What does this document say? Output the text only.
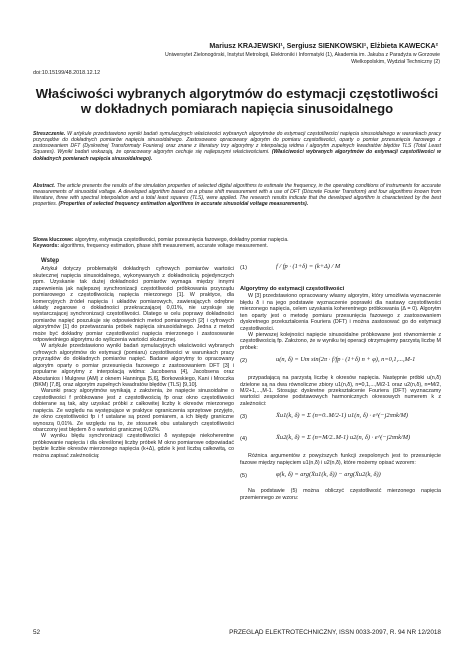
Mariusz KRAJEWSKI¹, Sergiusz SIENKOWSKI¹, Elżbieta KAWECKA²
Uniwersytet Zielonogórski, Instytut Metrologii, Elektroniki i Informatyki (1), Akademia im. Jakuba z Paradyża w Gorzowie
Wielkopolskim, Wydział Techniczny (2)
doi:10.15199/48.2018.12.12
Właściwości wybranych algorytmów do estymacji częstotliwości
w dokładnych pomiarach napięcia sinusoidalnego
Streszczenie. W artykule przedstawiono wyniki badań symulacyjnych właściwości wybranych algorytmów do estymacji częstotliwości napięcia sinusoidalnego w warunkach pracy przyrządów do dokładnych pomiarów napięcia sinusoidalnego. Zastosowano opracowany algorytm do pomiaru częstotliwości, oparty o pomiar przesunięcia fazowego z zastosowaniem DFT (Dyskretnej Transformaty Fouriera) oraz znane z literatury trzy algorytmy z interpolacją widma i algorytm zupełnych kwadratów błędów TLS (Total Least Squares). Wyniki badań wskazują, że opracowany algorytm cechuje się najlepszymi właściwościami. (Właściwości wybranych algorytmów do estymacji częstotliwości w dokładnych pomiarach napięcia sinusoidalnego).
Abstract. The article presents the results of the simulation properties of selected digital algorithms to estimate the frequency, in the operating conditions of instruments for accurate measurements of sinusoidal voltage. A developed algorithm based on a phase shift measurement with a use of DFT (Discrete Fourier Transform) and four algorithms known from literature, three with spectral interpolation and a total least squares (TLS), were applied. The research results indicate that the developed algorithm is characterized by the best properties. (Properties of selected frequency estimation algorithms in accurate sinusoidal voltage measurements).
Słowa kluczowe: algorytmy, estymacja częstotliwości, pomiar przesunięcia fazowego, dokładny pomiar napięcia.
Keywords: algorithms, frequency estimation, phase shift measurement, accurate voltage measurement.
Wstęp

Artykuł dotyczy problematyki dokładnych cyfrowych pomiarów wartości skutecznej napięcia sinusoidalnego, wykonywanych z dokładnością pojedynczych ppm. Uzyskanie tak dużej dokładności pomiarów wymaga między innymi zapewnienia jak najlepszej synchronizacji częstotliwości próbkowania przyrządu pomiarowego z częstotliwością napięcia mierzonego [1]. W praktyce, dla komercyjnych źródeł napięcia i układów pomiarowych, zawierających odrębne układy zegarowe o dokładności przekraczającej 0,01%, nie uzyskuje się wystarczającej synchronizacji częstotliwości. Dlatego w celu poprawy dokładności pomiarów napięć poszukuje się odpowiednich metod pomiarowych [2] i cyfrowych algorytmów [1] do przetwarzania próbek napięcia sinusoidalnego. Jedna z metod może być dokładny pomiar częstotliwości napięcia mierzonego i zastosowanie odpowiedniego algorytmu do wyliczenia wartości skutecznej.

W artykule przedstawiono wyniki badań symulacyjnych właściwości wybranych cyfrowych algorytmów do estymacji (pomiaru) częstotliwości w warunkach pracy przyrządów do dokładnych pomiarów napięć. Badane algorytmy to opracowany algorytm oparty o pomiar przesunięcia fazowego z zastosowaniem DFT [3] i popularne algorytmy z interpolacją widma: Jacobsena [4], Jacobsena oraz Aboutanios i Mulgrew (AM) z oknem Hanninga [5,6], Borkowskiego, Kani i Mroczka (BKM) [7,8], oraz algorytm zupełnych kwadratów błędów (TLS) [9,10].

Warunki pracy algorytmów wynikają z założenia, że napięcie sinusoidalne o częstotliwości f próbkowane jest z częstotliwością fp oraz okno częstotliwości dobierane są tak, aby uzyskać próbki z całkowitej liczby k okresów mierzonego napięcia. Ze względu na występujące w praktyce ograniczenia sprzętowe przyjęto, że okno częstotliwości fp i f ustalane są przed pomiarem, a ich błędy graniczne wynoszą 0,01%. Ze względu na to, że stosunek obu ustalanych częstotliwości obarczony jest błędem δ o wartości granicznej 0,02%.

W wyniku błędu synchronizacji częstotliwości δ występuje niekoherentne próbkowanie napięcia i dla określonej liczby próbek M okno pomiarowe odpowiadać będzie liczbie okresów mierzonego napięcia (k+Δ), gdzie k jest liczbą całkowitą, co można zapisać zależnością:

(1)	f / fp · (1+δ) = (k+Δ) / M
Algorytmy do estymacji częstotliwości

W [3] przedstawiono opracowany własny algorytm, który umożliwia wyznaczenie błędu δ i na jego podstawie wyznaczenie poprawki dla nastawy częstotliwości mierzonego napięcia, celem uzyskania koherentnego próbkowania (Δ = 0). Algorytm ten oparty jest o metodę pomiaru przesunięcia fazowego z zastosowaniem dyskretnego przekształcenia Fouriera (DFT) i można zastosować go do estymacji częstotliwości.

W pierwszej kolejności napięcie sinusoidalne próbkowane jest równomiernie z częstotliwością fp. Założono, że w wyniku tej operacji otrzymujemy parzystą liczbę M próbek:

(2)	u(n, δ) = Um sin(2π · f/fp · (1+δ) n + φ), n=0,1,...,M-1

przypadającą na parzystą liczbę k okresów napięcia. Następnie próbki u(n,δ) dzielone są na dwa równoliczne zbiory u1(n,δ), n=0,1,...,M/2-1 oraz u2(n,δ), n=M/2, M/2+1,...,M-1. Stosując dyskretne przekształcenie Fouriera (DFT) wyznaczamy wartości zespolone podstawowych harmonicznych okresowych numerem k z zależności:

(3)	X̄u1(k, δ) = Σ (n=0..M/2-1) u1(n, δ) · e^(−j2πnk/M)
(4)	X̄u2(k, δ) = Σ (n=M/2..M-1) u2(n, δ) · e^(−j2πnk/M)

Różnica argumentów z powyższych funkcji zespolonych jest to przesunięcie fazowe między napięciem u1(n,δ) i u2(n,δ), które możemy opisać wzorem:

(5)	φ(k, δ) = arg(X̄u1(k, δ)) − arg(X̄u2(k, δ))

Na podstawie (5) można obliczyć częstotliwość mierzonego napięcia przemiennego ze wzoru:

52	PRZEGLĄD ELEKTROTECHNICZNY, ISSN 0033-2097, R. 94 NR 12/2018
